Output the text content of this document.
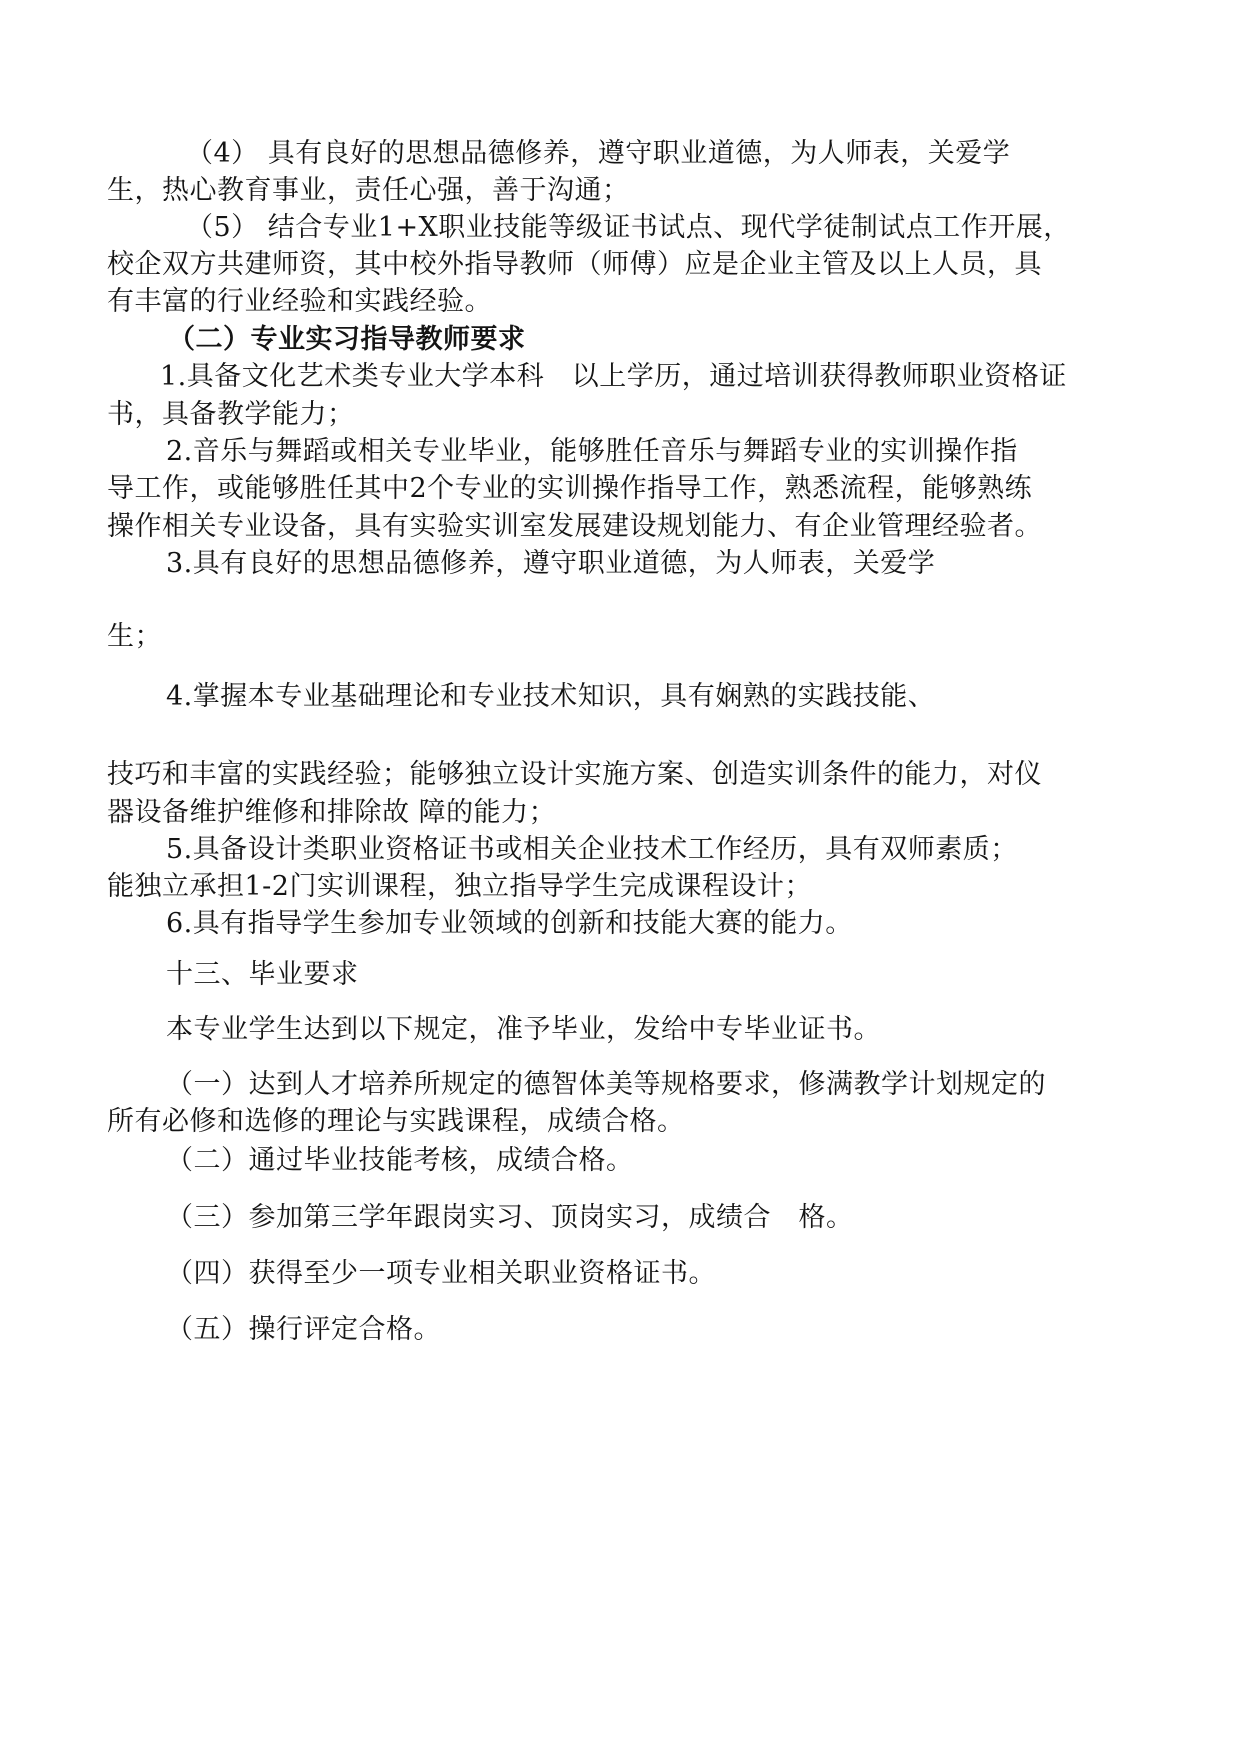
（4） 具有良好的思想品德修养，遵守职业道德，为人师表，关爱学
生，热心教育事业，责任心强，善于沟通；
（5） 结合专业1+X职业技能等级证书试点、现代学徒制试点工作开展，
校企双方共建师资，其中校外指导教师（师傅）应是企业主管及以上人员，具
有丰富的行业经验和实践经验。
（二）专业实习指导教师要求
1.具备文化艺术类专业大学本科　以上学历，通过培训获得教师职业资格证
书，具备教学能力；
2.音乐与舞蹈或相关专业毕业，能够胜任音乐与舞蹈专业的实训操作指
导工作，或能够胜任其中2个专业的实训操作指导工作，熟悉流程，能够熟练
操作相关专业设备，具有实验实训室发展建设规划能力、有企业管理经验者。
3.具有良好的思想品德修养，遵守职业道德，为人师表，关爱学
生；
4.掌握本专业基础理论和专业技术知识，具有娴熟的实践技能、
技巧和丰富的实践经验；能够独立设计实施方案、创造实训条件的能力，对仪
器设备维护维修和排除故 障的能力；
5.具备设计类职业资格证书或相关企业技术工作经历，具有双师素质；
能独立承担1-2门实训课程，独立指导学生完成课程设计；
6.具有指导学生参加专业领域的创新和技能大赛的能力。
十三、毕业要求
本专业学生达到以下规定，准予毕业，发给中专毕业证书。
（一）达到人才培养所规定的德智体美等规格要求，修满教学计划规定的
所有必修和选修的理论与实践课程，成绩合格。
（二）通过毕业技能考核，成绩合格。
（三）参加第三学年跟岗实习、顶岗实习，成绩合　格。
（四）获得至少一项专业相关职业资格证书。
（五）操行评定合格。
